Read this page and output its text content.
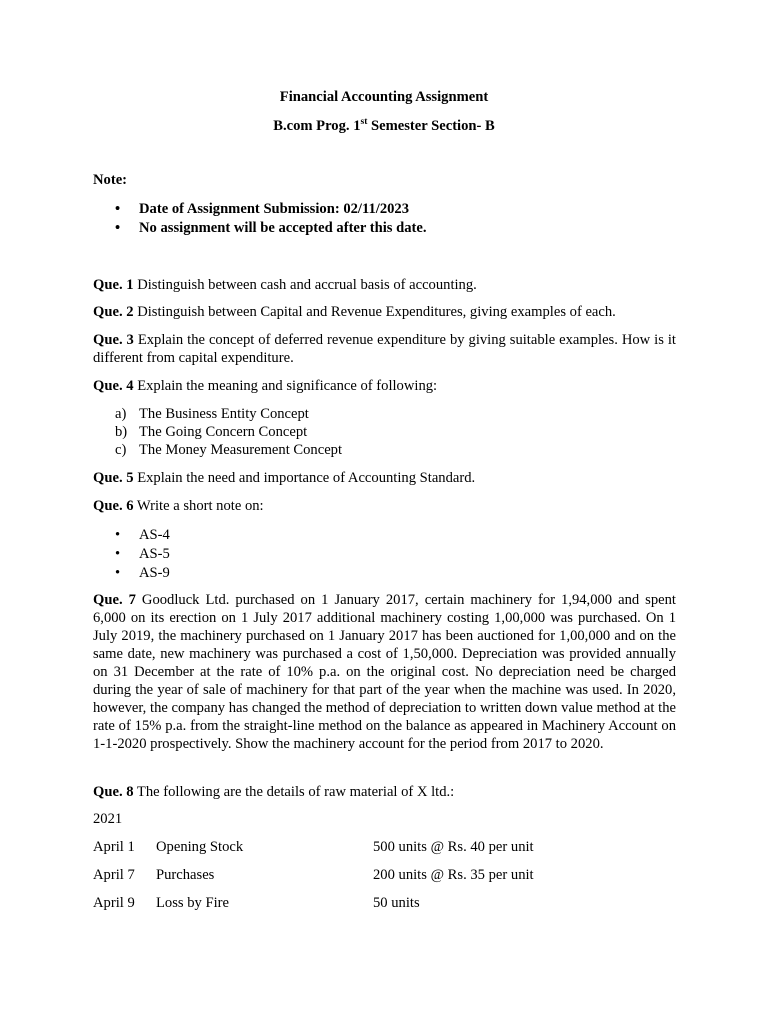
Financial Accounting Assignment
B.com Prog. 1st Semester Section- B
Note:
• Date of Assignment Submission: 02/11/2023
• No assignment will be accepted after this date.
Que. 1 Distinguish between cash and accrual basis of accounting.
Que. 2 Distinguish between Capital and Revenue Expenditures, giving examples of each.
Que. 3 Explain the concept of deferred revenue expenditure by giving suitable examples. How is it different from capital expenditure.
Que. 4 Explain the meaning and significance of following:
a) The Business Entity Concept
b) The Going Concern Concept
c) The Money Measurement Concept
Que. 5 Explain the need and importance of Accounting Standard.
Que. 6 Write a short note on:
• AS-4
• AS-5
• AS-9
Que. 7 Goodluck Ltd. purchased on 1 January 2017, certain machinery for 1,94,000 and spent 6,000 on its erection on 1 July 2017 additional machinery costing 1,00,000 was purchased. On 1 July 2019, the machinery purchased on 1 January 2017 has been auctioned for 1,00,000 and on the same date, new machinery was purchased a cost of 1,50,000. Depreciation was provided annually on 31 December at the rate of 10% p.a. on the original cost. No depreciation need be charged during the year of sale of machinery for that part of the year when the machine was used. In 2020, however, the company has changed the method of depreciation to written down value method at the rate of 15% p.a. from the straight-line method on the balance as appeared in Machinery Account on 1-1-2020 prospectively. Show the machinery account for the period from 2017 to 2020.
Que. 8 The following are the details of raw material of X ltd.:
2021
April 1 Opening Stock	500 units @ Rs. 40 per unit
April 7 Purchases	200 units @ Rs. 35 per unit
April 9 Loss by Fire	50 units
